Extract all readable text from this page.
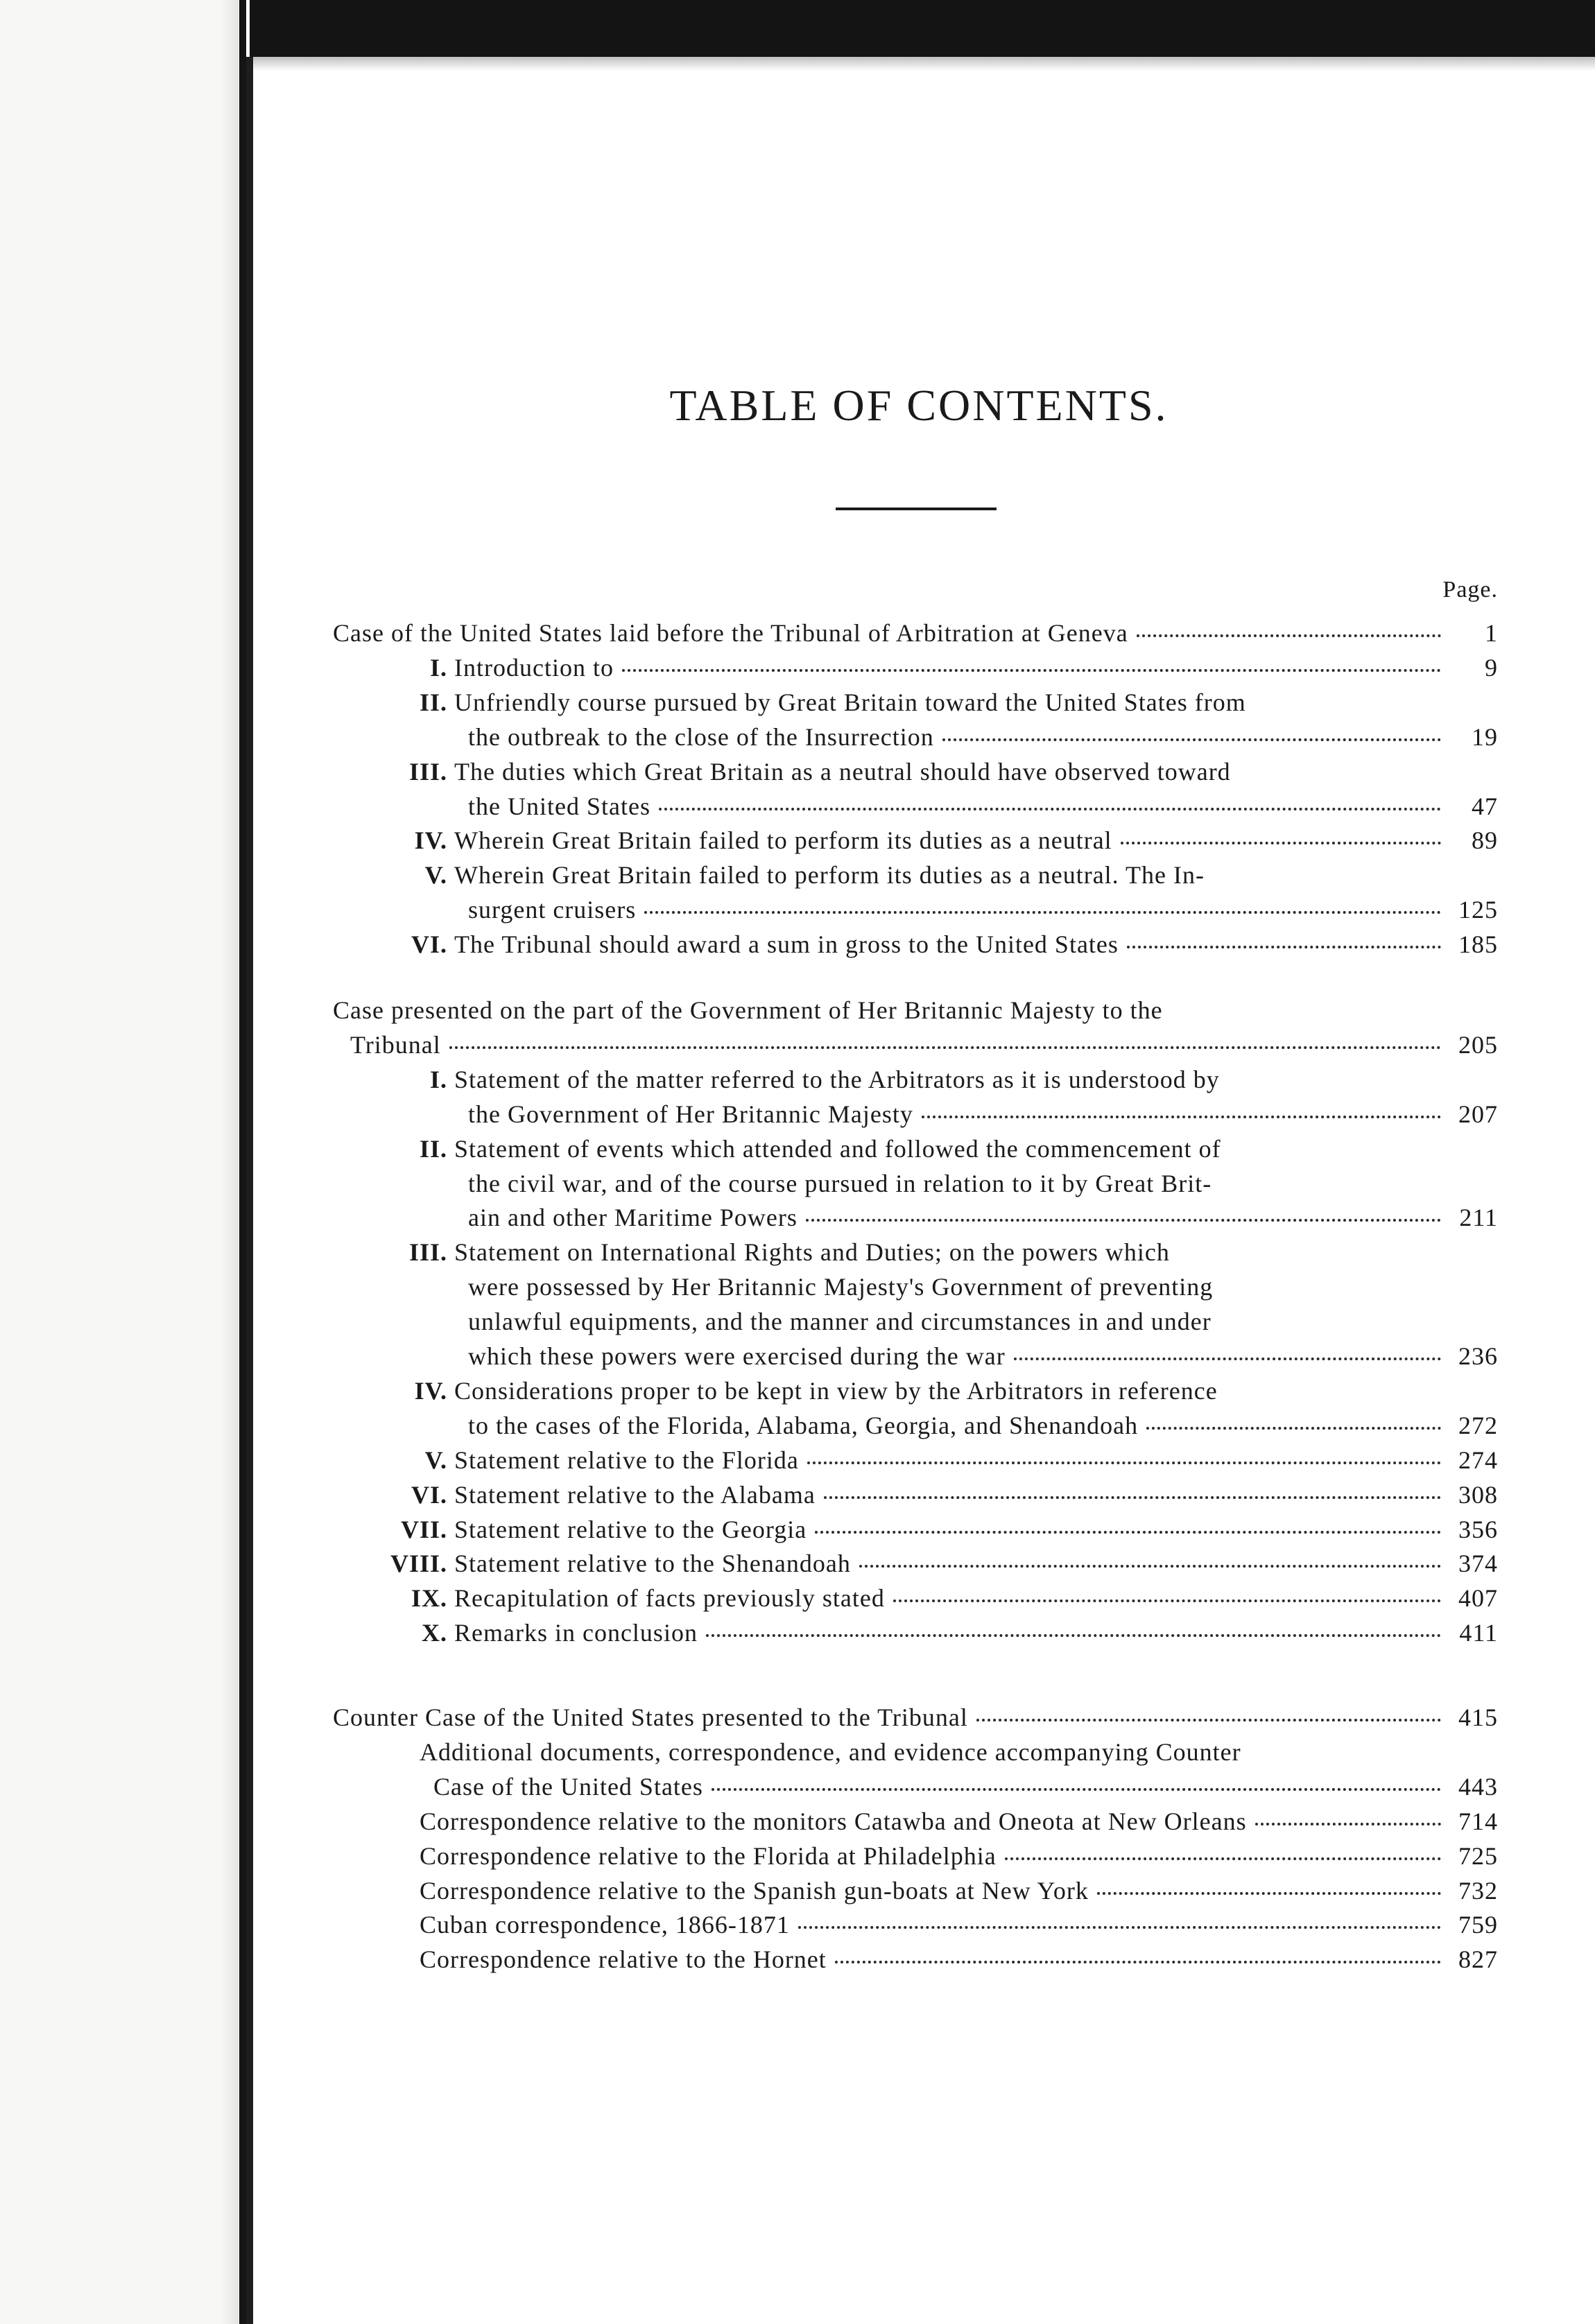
TABLE OF CONTENTS.
Page.
Case of the United States laid before the Tribunal of Arbitration at Geneva	1
I. Introduction to	9
II. Unfriendly course pursued by Great Britain toward the United States from
the outbreak to the close of the Insurrection	19
III. The duties which Great Britain as a neutral should have observed toward
the United States	47
IV. Wherein Great Britain failed to perform its duties as a neutral	89
V. Wherein Great Britain failed to perform its duties as a neutral. The In-
surgent cruisers	125
VI. The Tribunal should award a sum in gross to the United States	185
Case presented on the part of the Government of Her Britannic Majesty to the
Tribunal	205
I. Statement of the matter referred to the Arbitrators as it is understood by
the Government of Her Britannic Majesty	207
II. Statement of events which attended and followed the commencement of
the civil war, and of the course pursued in relation to it by Great Brit-
ain and other Maritime Powers	211
III. Statement on International Rights and Duties; on the powers which
were possessed by Her Britannic Majesty's Government of preventing
unlawful equipments, and the manner and circumstances in and under
which these powers were exercised during the war	236
IV. Considerations proper to be kept in view by the Arbitrators in reference
to the cases of the Florida, Alabama, Georgia, and Shenandoah	272
V. Statement relative to the Florida	274
VI. Statement relative to the Alabama	308
VII. Statement relative to the Georgia	356
VIII. Statement relative to the Shenandoah	374
IX. Recapitulation of facts previously stated	407
X. Remarks in conclusion	411
Counter Case of the United States presented to the Tribunal	415
Additional documents, correspondence, and evidence accompanying Counter
Case of the United States	443
Correspondence relative to the monitors Catawba and Oneota at New Orleans	714
Correspondence relative to the Florida at Philadelphia	725
Correspondence relative to the Spanish gun-boats at New York	732
Cuban correspondence, 1866-1871	759
Correspondence relative to the Hornet	827
